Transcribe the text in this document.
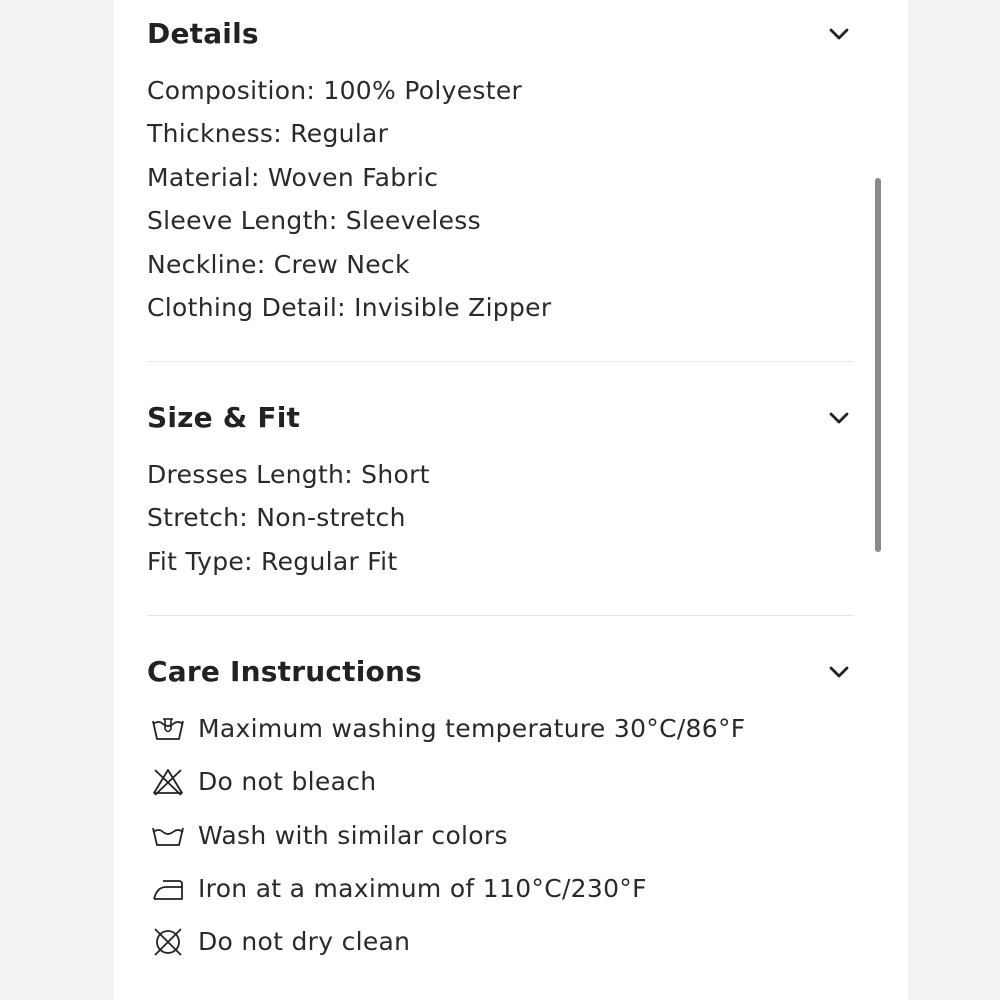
Details
Composition: 100% Polyester
Thickness: Regular
Material: Woven Fabric
Sleeve Length: Sleeveless
Neckline: Crew Neck
Clothing Detail: Invisible Zipper
Size & Fit
Dresses Length: Short
Stretch: Non-stretch
Fit Type: Regular Fit
Care Instructions
Maximum washing temperature 30°C/86°F
Do not bleach
Wash with similar colors
Iron at a maximum of 110°C/230°F
Do not dry clean
